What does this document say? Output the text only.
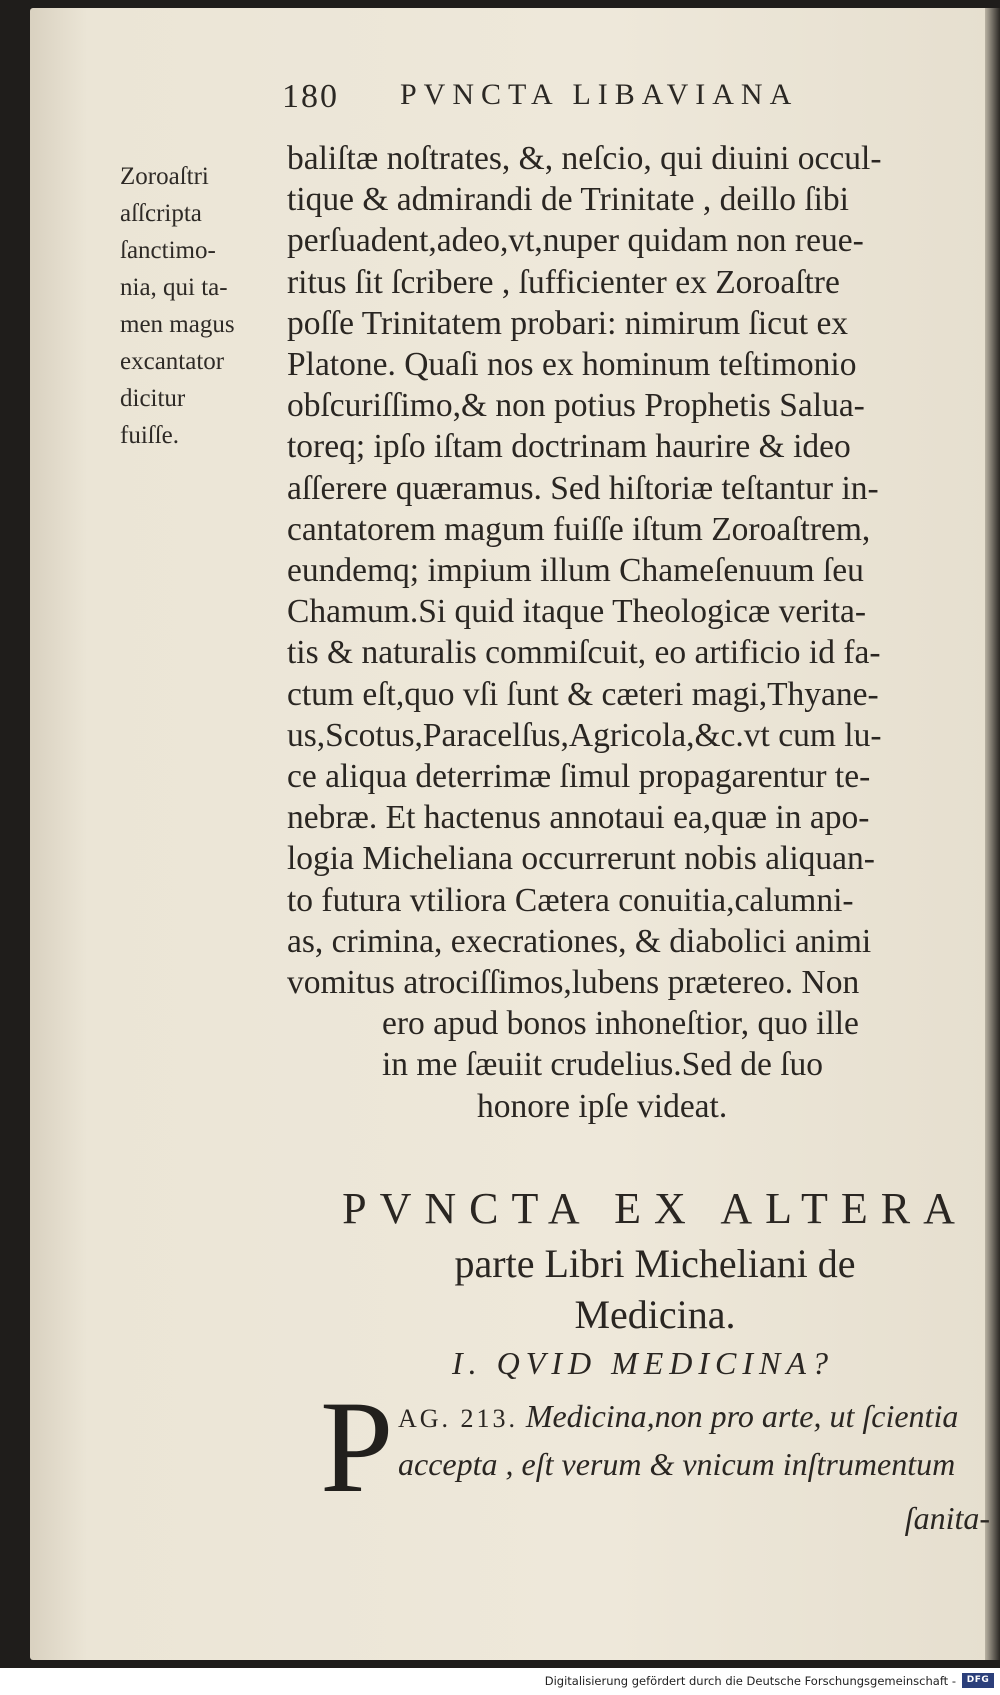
180 PVNCTA LIBAVIANA
Zoroaſtri
aſſcripta
ſanctimo-
nia, qui ta-
men magus
excantator
dicitur
fuiſſe.
baliſtæ noſtrates, &, neſcio, qui diuini occul-
tique & admirandi de Trinitate , deillo ſibi
perſuadent,adeo,vt,nuper quidam non reue-
ritus ſit ſcribere , ſufficienter ex Zoroaſtre
poſſe Trinitatem probari: nimirum ſicut ex
Platone. Quaſi nos ex hominum teſtimonio
obſcuriſſimo,& non potius Prophetis Salua-
toreq; ipſo iſtam doctrinam haurire & ideo
aſſerere quæramus. Sed hiſtoriæ teſtantur in-
cantatorem magum fuiſſe iſtum Zoroaſtrem,
eundemq; impium illum Chameſenuum ſeu
Chamum.Si quid itaque Theologicæ verita-
tis & naturalis commiſcuit, eo artificio id fa-
ctum eſt,quo vſi ſunt & cæteri magi,Thyane-
us,Scotus,Paracelſus,Agricola,&c.vt cum lu-
ce aliqua deterrimæ ſimul propagarentur te-
nebræ. Et hactenus annotaui ea,quæ in apo-
logia Micheliana occurrerunt nobis aliquan-
to futura vtiliora Cætera conuitia,calumni-
as, crimina, execrationes, & diabolici animi
vomitus atrociſſimos,lubens prætereo. Non
ero apud bonos inhoneſtior, quo ille
in me ſæuiit crudelius.Sed de ſuo
honore ipſe videat.
PVNCTA EX ALTERA
parte Libri Micheliani de
Medicina.
I. QVID MEDICINA?
P AG. 213. Medicina,non pro arte, ut ſcientia
accepta , eſt verum & vnicum inſtrumentum
ſanita-
Digitalisierung gefördert durch die Deutsche Forschungsgemeinschaft -	DFG
